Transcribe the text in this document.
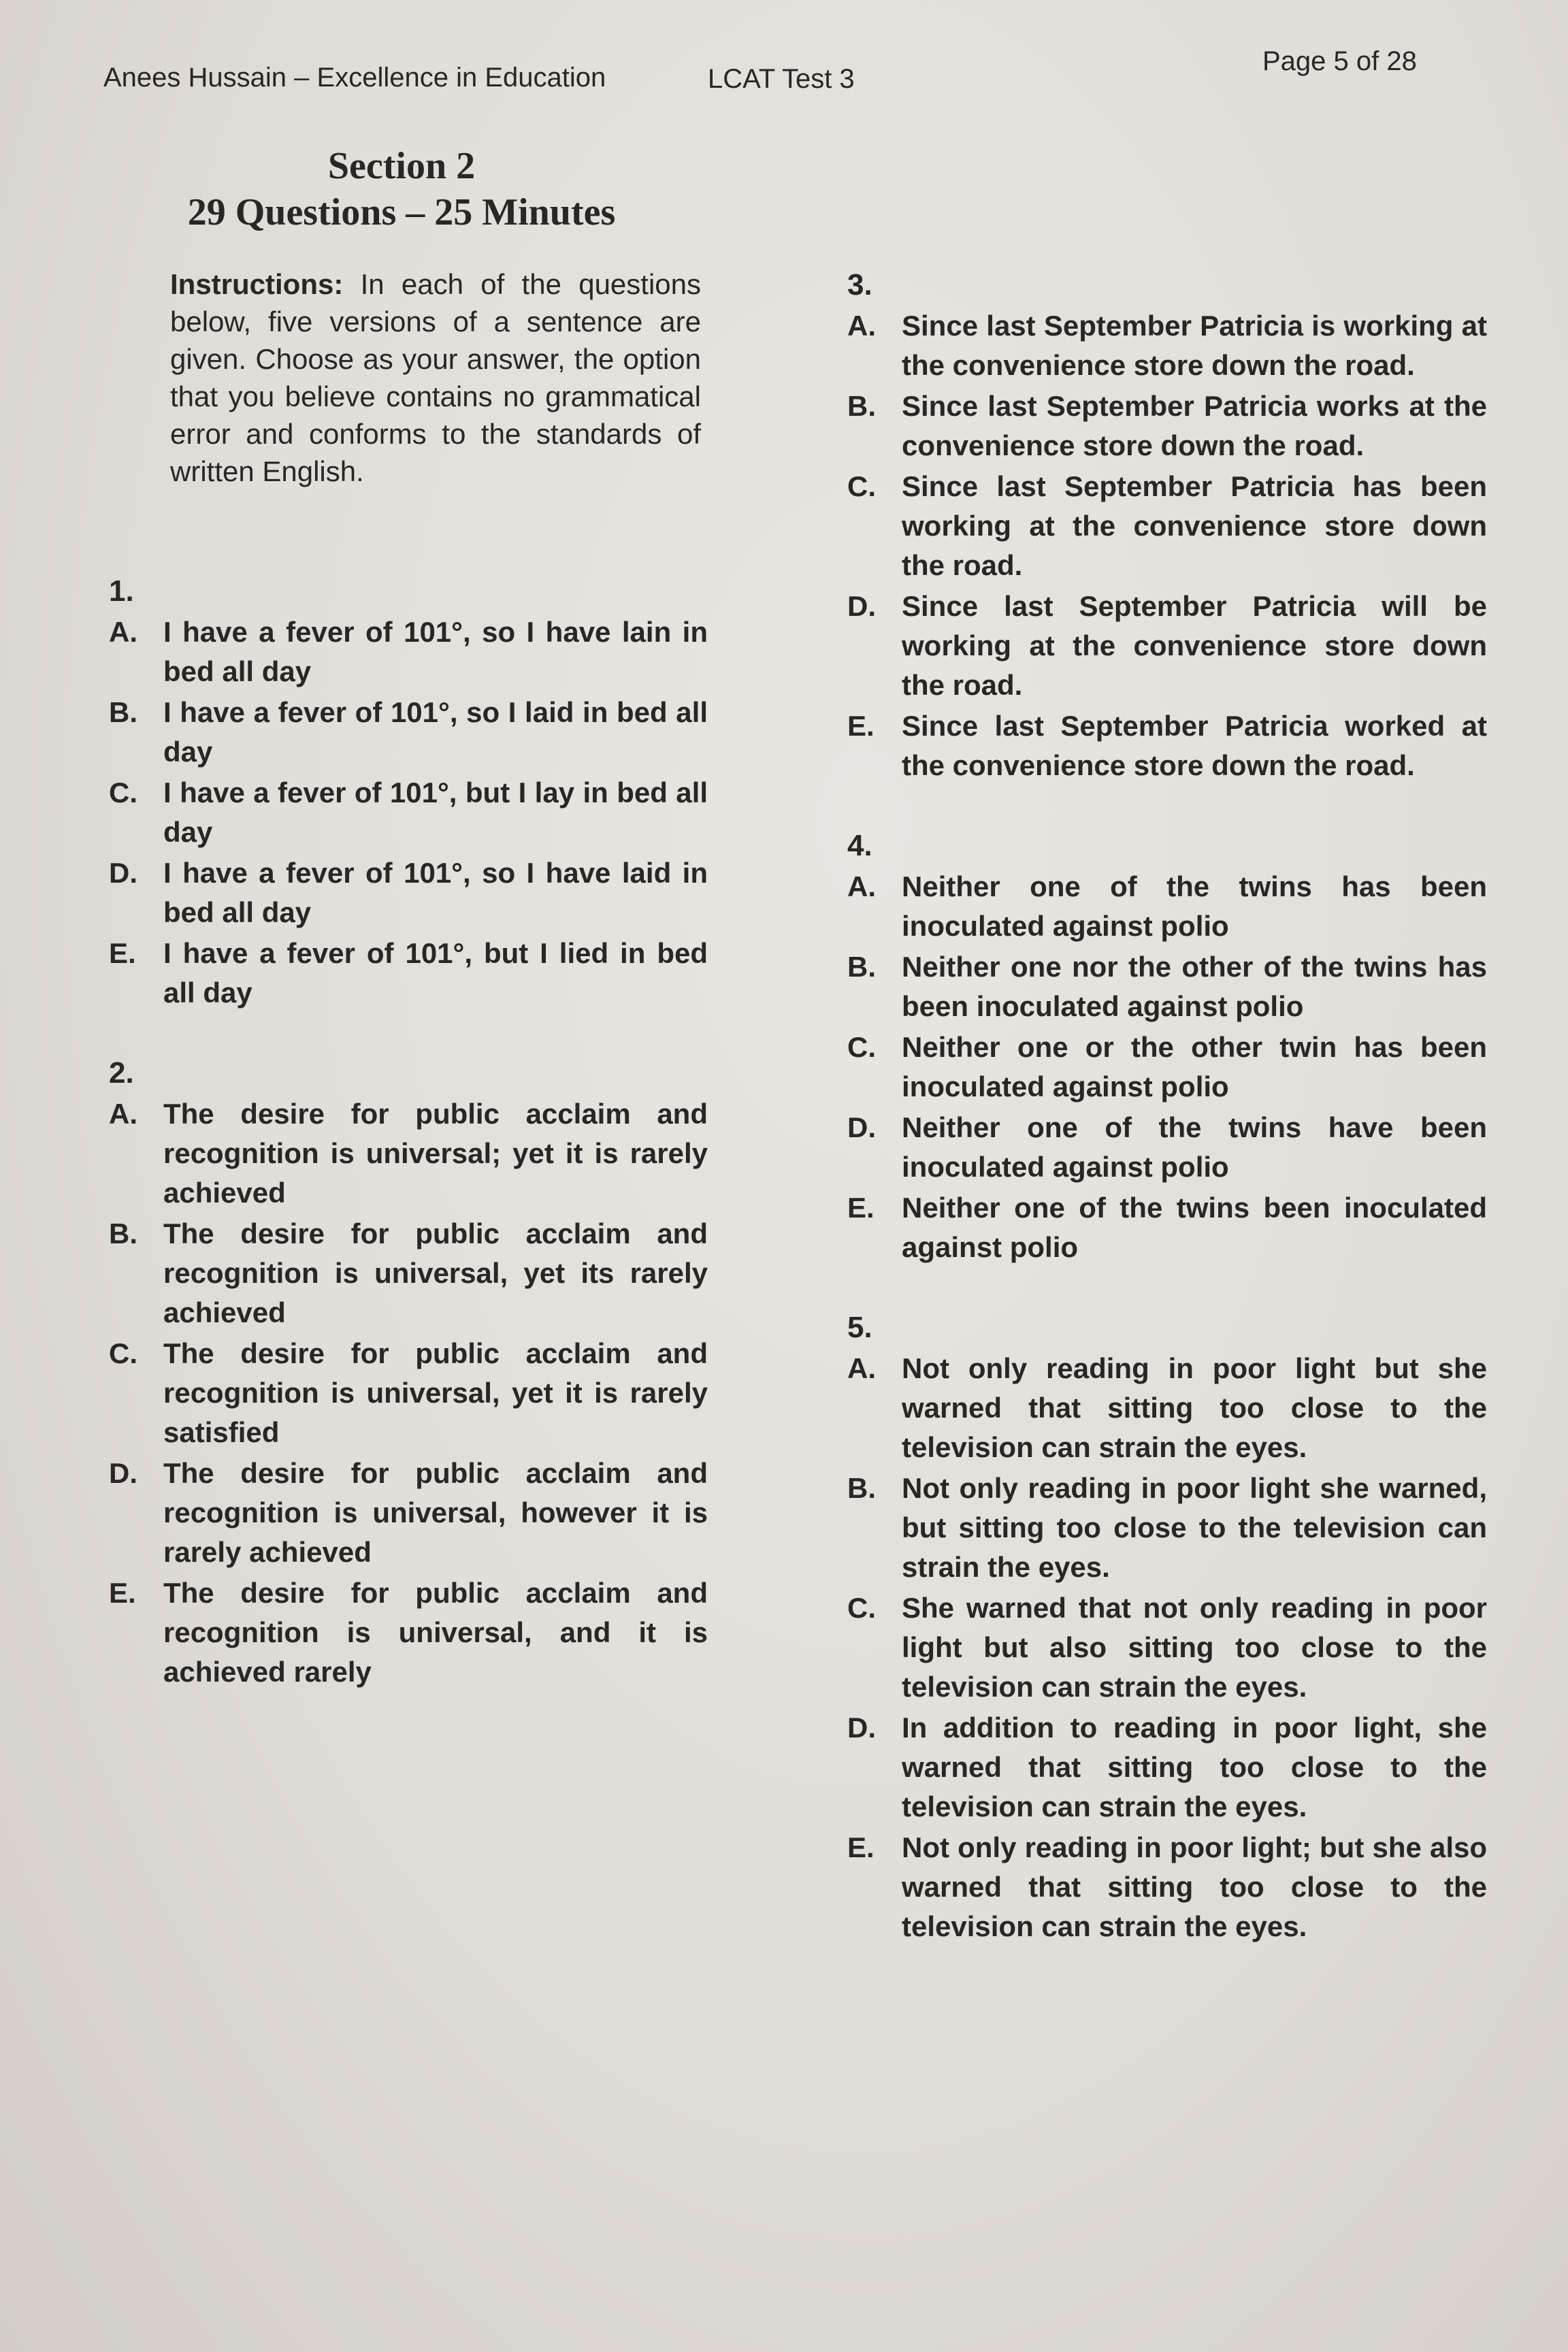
Anees Hussain – Excellence in Education	LCAT Test 3
Page 5 of 28
Section 2
29 Questions – 25 Minutes
Instructions: In each of the questions below, five versions of a sentence are given. Choose as your answer, the option that you believe contains no grammatical error and conforms to the standards of written English.
1.
A. I have a fever of 101°, so I have lain in bed all day
B. I have a fever of 101°, so I laid in bed all day
C. I have a fever of 101°, but I lay in bed all day
D. I have a fever of 101°, so I have laid in bed all day
E. I have a fever of 101°, but I lied in bed all day
2.
A. The desire for public acclaim and recognition is universal; yet it is rarely achieved
B. The desire for public acclaim and recognition is universal, yet its rarely achieved
C. The desire for public acclaim and recognition is universal, yet it is rarely satisfied
D. The desire for public acclaim and recognition is universal, however it is rarely achieved
E. The desire for public acclaim and recognition is universal, and it is achieved rarely
3.
A. Since last September Patricia is working at the convenience store down the road.
B. Since last September Patricia works at the convenience store down the road.
C. Since last September Patricia has been working at the convenience store down the road.
D. Since last September Patricia will be working at the convenience store down the road.
E. Since last September Patricia worked at the convenience store down the road.
4.
A. Neither one of the twins has been inoculated against polio
B. Neither one nor the other of the twins has been inoculated against polio
C. Neither one or the other twin has been inoculated against polio
D. Neither one of the twins have been inoculated against polio
E. Neither one of the twins been inoculated against polio
5.
A. Not only reading in poor light but she warned that sitting too close to the television can strain the eyes.
B. Not only reading in poor light she warned, but sitting too close to the television can strain the eyes.
C. She warned that not only reading in poor light but also sitting too close to the television can strain the eyes.
D. In addition to reading in poor light, she warned that sitting too close to the television can strain the eyes.
E. Not only reading in poor light; but she also warned that sitting too close to the television can strain the eyes.
